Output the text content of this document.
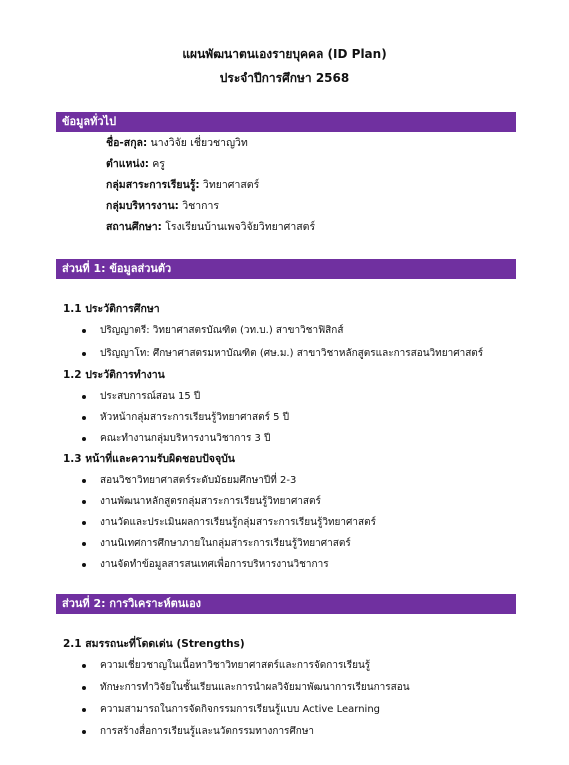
แผนพัฒนาตนเองรายบุคคล (ID Plan)
ประจำปีการศึกษา 2568
ข้อมูลทั่วไป
ชื่อ-สกุล: นางวิจัย เชี่ยวชาญวิท
ตำแหน่ง: ครู
กลุ่มสาระการเรียนรู้: วิทยาศาสตร์
กลุ่มบริหารงาน: วิชาการ
สถานศึกษา: โรงเรียนบ้านเพจวิจัยวิทยาศาสตร์
ส่วนที่ 1: ข้อมูลส่วนตัว
1.1 ประวัติการศึกษา
ปริญญาตรี: วิทยาศาสตรบัณฑิต (วท.บ.) สาขาวิชาฟิสิกส์
ปริญญาโท: ศึกษาศาสตรมหาบัณฑิต (ศษ.ม.) สาขาวิชาหลักสูตรและการสอนวิทยาศาสตร์
1.2 ประวัติการทำงาน
ประสบการณ์สอน 15 ปี
หัวหน้ากลุ่มสาระการเรียนรู้วิทยาศาสตร์ 5 ปี
คณะทำงานกลุ่มบริหารงานวิชาการ 3 ปี
1.3 หน้าที่และความรับผิดชอบปัจจุบัน
สอนวิชาวิทยาศาสตร์ระดับมัธยมศึกษาปีที่ 2-3
งานพัฒนาหลักสูตรกลุ่มสาระการเรียนรู้วิทยาศาสตร์
งานวัดและประเมินผลการเรียนรู้กลุ่มสาระการเรียนรู้วิทยาศาสตร์
งานนิเทศการศึกษาภายในกลุ่มสาระการเรียนรู้วิทยาศาสตร์
งานจัดทำข้อมูลสารสนเทศเพื่อการบริหารงานวิชาการ
ส่วนที่ 2: การวิเคราะห์ตนเอง
2.1 สมรรถนะที่โดดเด่น (Strengths)
ความเชี่ยวชาญในเนื้อหาวิชาวิทยาศาสตร์และการจัดการเรียนรู้
ทักษะการทำวิจัยในชั้นเรียนและการนำผลวิจัยมาพัฒนาการเรียนการสอน
ความสามารถในการจัดกิจกรรมการเรียนรู้แบบ Active Learning
การสร้างสื่อการเรียนรู้และนวัตกรรมทางการศึกษา
